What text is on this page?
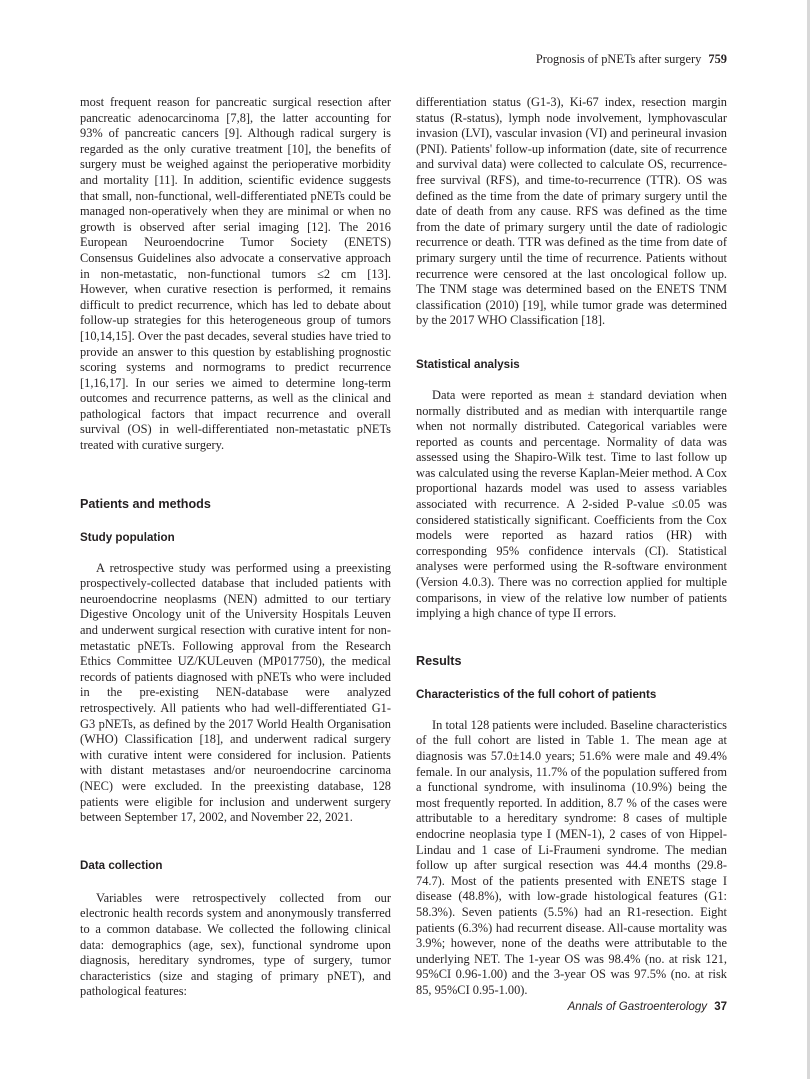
Prognosis of pNETs after surgery 759

most frequent reason for pancreatic surgical resection after pancreatic adenocarcinoma [7,8], the latter accounting for 93% of pancreatic cancers [9]. Although radical surgery is regarded as the only curative treatment [10], the benefits of surgery must be weighed against the perioperative morbidity and mortality [11]. In addition, scientific evidence suggests that small, non-functional, well-differentiated pNETs could be managed non-operatively when they are minimal or when no growth is observed after serial imaging [12]. The 2016 European Neuroendocrine Tumor Society (ENETS) Consensus Guidelines also advocate a conservative approach in non-metastatic, non-functional tumors ≤2 cm [13]. However, when curative resection is performed, it remains difficult to predict recurrence, which has led to debate about follow-up strategies for this heterogeneous group of tumors [10,14,15]. Over the past decades, several studies have tried to provide an answer to this question by establishing prognostic scoring systems and normograms to predict recurrence [1,16,17]. In our series we aimed to determine long-term outcomes and recurrence patterns, as well as the clinical and pathological factors that impact recurrence and overall survival (OS) in well-differentiated non-metastatic pNETs treated with curative surgery.

Patients and methods
Study population

A retrospective study was performed using a preexisting prospectively-collected database that included patients with neuroendocrine neoplasms (NEN) admitted to our tertiary Digestive Oncology unit of the University Hospitals Leuven and underwent surgical resection with curative intent for non-metastatic pNETs. Following approval from the Research Ethics Committee UZ/KULeuven (MP017750), the medical records of patients diagnosed with pNETs who were included in the pre-existing NEN-database were analyzed retrospectively. All patients who had well-differentiated G1-G3 pNETs, as defined by the 2017 World Health Organisation (WHO) Classification [18], and underwent radical surgery with curative intent were considered for inclusion. Patients with distant metastases and/or neuroendocrine carcinoma (NEC) were excluded. In the preexisting database, 128 patients were eligible for inclusion and underwent surgery between September 17, 2002, and November 22, 2021.

Data collection

Variables were retrospectively collected from our electronic health records system and anonymously transferred to a common database. We collected the following clinical data: demographics (age, sex), functional syndrome upon diagnosis, hereditary syndromes, type of surgery, tumor characteristics (size and staging of primary pNET), and pathological features:

differentiation status (G1-3), Ki-67 index, resection margin status (R-status), lymph node involvement, lymphovascular invasion (LVI), vascular invasion (VI) and perineural invasion (PNI). Patients' follow-up information (date, site of recurrence and survival data) were collected to calculate OS, recurrence-free survival (RFS), and time-to-recurrence (TTR). OS was defined as the time from the date of primary surgery until the date of death from any cause. RFS was defined as the time from the date of primary surgery until the date of radiologic recurrence or death. TTR was defined as the time from date of primary surgery until the time of recurrence. Patients without recurrence were censored at the last oncological follow up. The TNM stage was determined based on the ENETS TNM classification (2010) [19], while tumor grade was determined by the 2017 WHO Classification [18].

Statistical analysis

Data were reported as mean ± standard deviation when normally distributed and as median with interquartile range when not normally distributed. Categorical variables were reported as counts and percentage. Normality of data was assessed using the Shapiro-Wilk test. Time to last follow up was calculated using the reverse Kaplan-Meier method. A Cox proportional hazards model was used to assess variables associated with recurrence. A 2-sided P-value ≤0.05 was considered statistically significant. Coefficients from the Cox models were reported as hazard ratios (HR) with corresponding 95% confidence intervals (CI). Statistical analyses were performed using the R-software environment (Version 4.0.3). There was no correction applied for multiple comparisons, in view of the relative low number of patients implying a high chance of type II errors.

Results
Characteristics of the full cohort of patients

In total 128 patients were included. Baseline characteristics of the full cohort are listed in Table 1. The mean age at diagnosis was 57.0±14.0 years; 51.6% were male and 49.4% female. In our analysis, 11.7% of the population suffered from a functional syndrome, with insulinoma (10.9%) being the most frequently reported. In addition, 8.7 % of the cases were attributable to a hereditary syndrome: 8 cases of multiple endocrine neoplasia type I (MEN-1), 2 cases of von Hippel-Lindau and 1 case of Li-Fraumeni syndrome. The median follow up after surgical resection was 44.4 months (29.8-74.7). Most of the patients presented with ENETS stage I disease (48.8%), with low-grade histological features (G1: 58.3%). Seven patients (5.5%) had an R1-resection. Eight patients (6.3%) had recurrent disease. All-cause mortality was 3.9%; however, none of the deaths were attributable to the underlying NET. The 1-year OS was 98.4% (no. at risk 121, 95%CI 0.96-1.00) and the 3-year OS was 97.5% (no. at risk 85, 95%CI 0.95-1.00).

Annals of Gastroenterology 37
